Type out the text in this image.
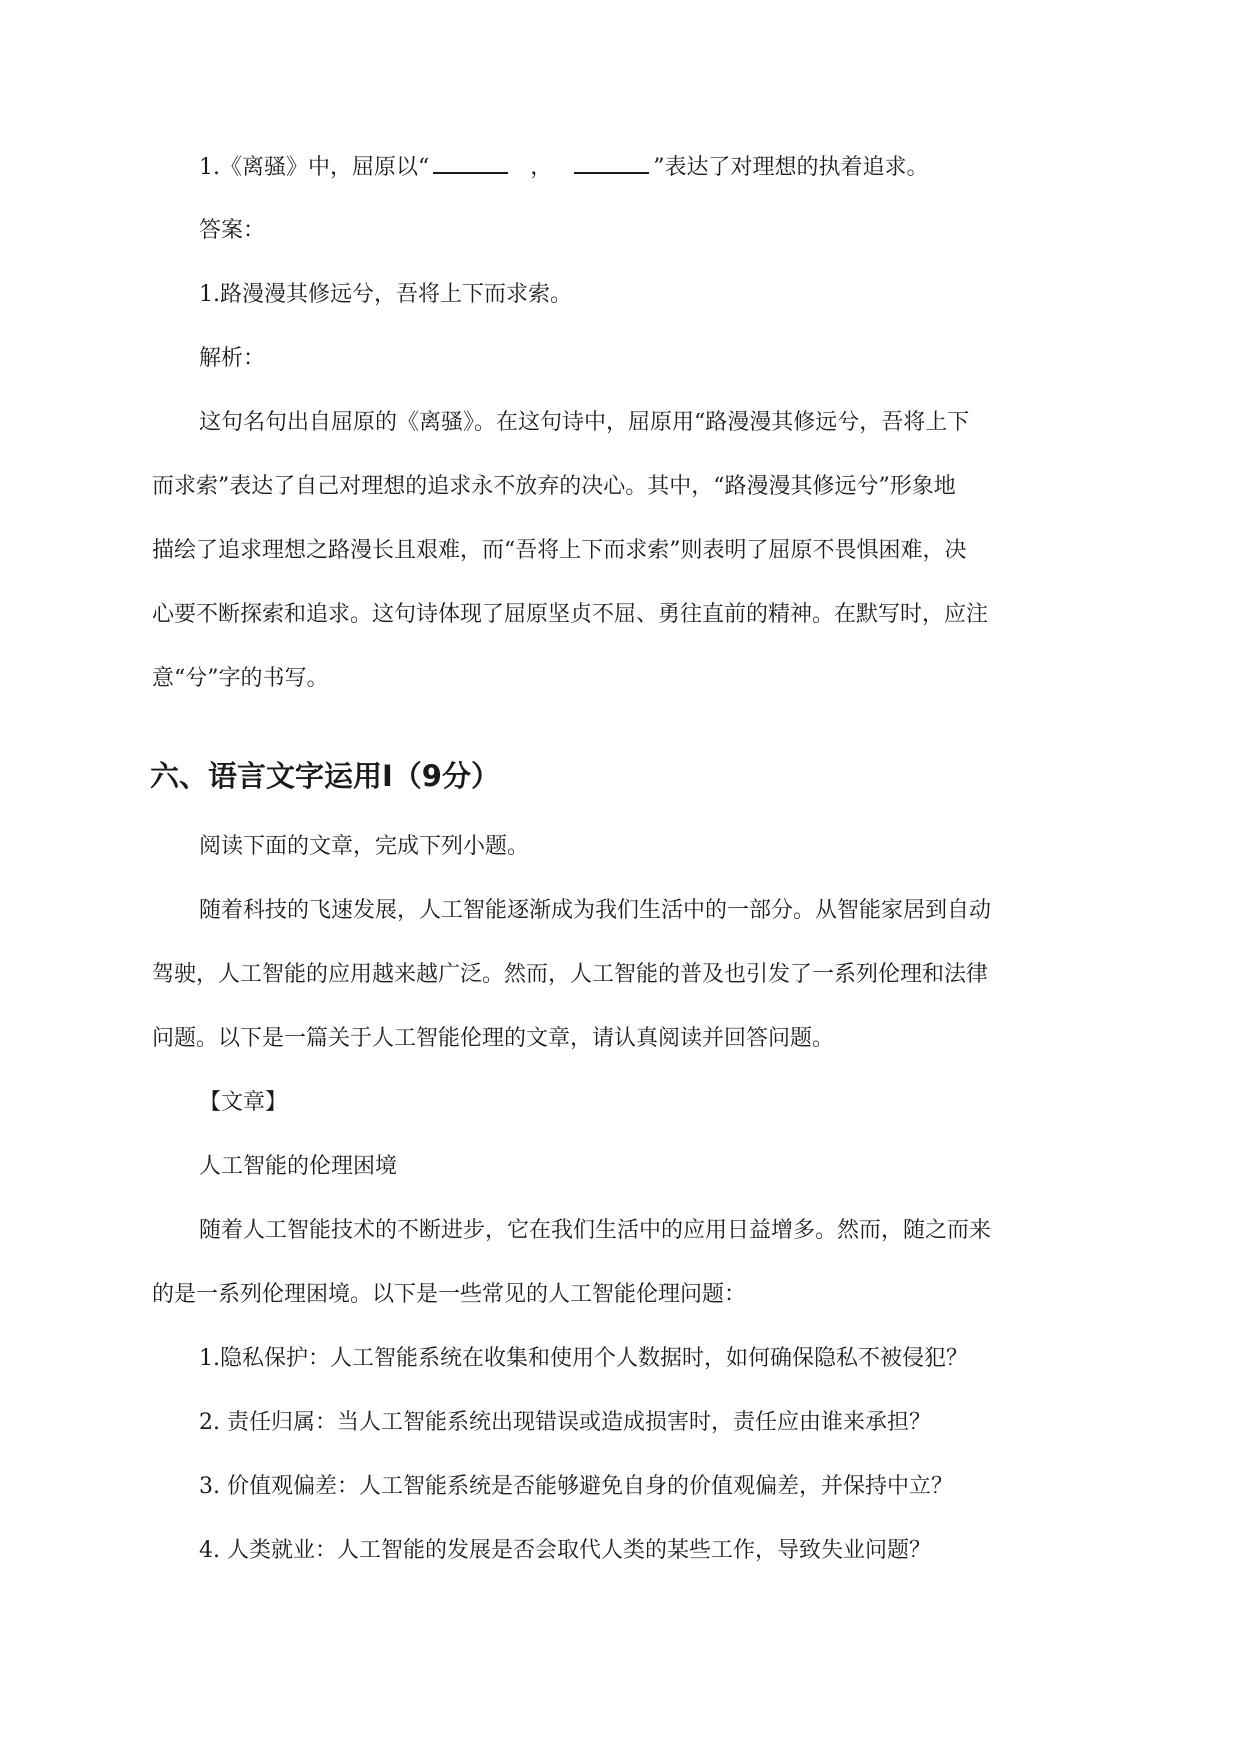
1.《离骚》中，屈原以“	，	”表达了对理想的执着追求。
答案：
1.路漫漫其修远兮，吾将上下而求索。
解析：
这句名句出自屈原的《离骚》。在这句诗中，屈原用“路漫漫其修远兮，吾将上下
而求索”表达了自己对理想的追求永不放弃的决心。其中，“路漫漫其修远兮”形象地
描绘了追求理想之路漫长且艰难，而“吾将上下而求索”则表明了屈原不畏惧困难，决
心要不断探索和追求。这句诗体现了屈原坚贞不屈、勇往直前的精神。在默写时，应注
意“兮”字的书写。
六、语言文字运用Ⅰ（9分）
阅读下面的文章，完成下列小题。
随着科技的飞速发展，人工智能逐渐成为我们生活中的一部分。从智能家居到自动
驾驶，人工智能的应用越来越广泛。然而，人工智能的普及也引发了一系列伦理和法律
问题。以下是一篇关于人工智能伦理的文章，请认真阅读并回答问题。
【文章】
人工智能的伦理困境
随着人工智能技术的不断进步，它在我们生活中的应用日益增多。然而，随之而来
的是一系列伦理困境。以下是一些常见的人工智能伦理问题：
1.隐私保护：人工智能系统在收集和使用个人数据时，如何确保隐私不被侵犯？
2. 责任归属：当人工智能系统出现错误或造成损害时，责任应由谁来承担？
3. 价值观偏差：人工智能系统是否能够避免自身的价值观偏差，并保持中立？
4. 人类就业：人工智能的发展是否会取代人类的某些工作，导致失业问题？
